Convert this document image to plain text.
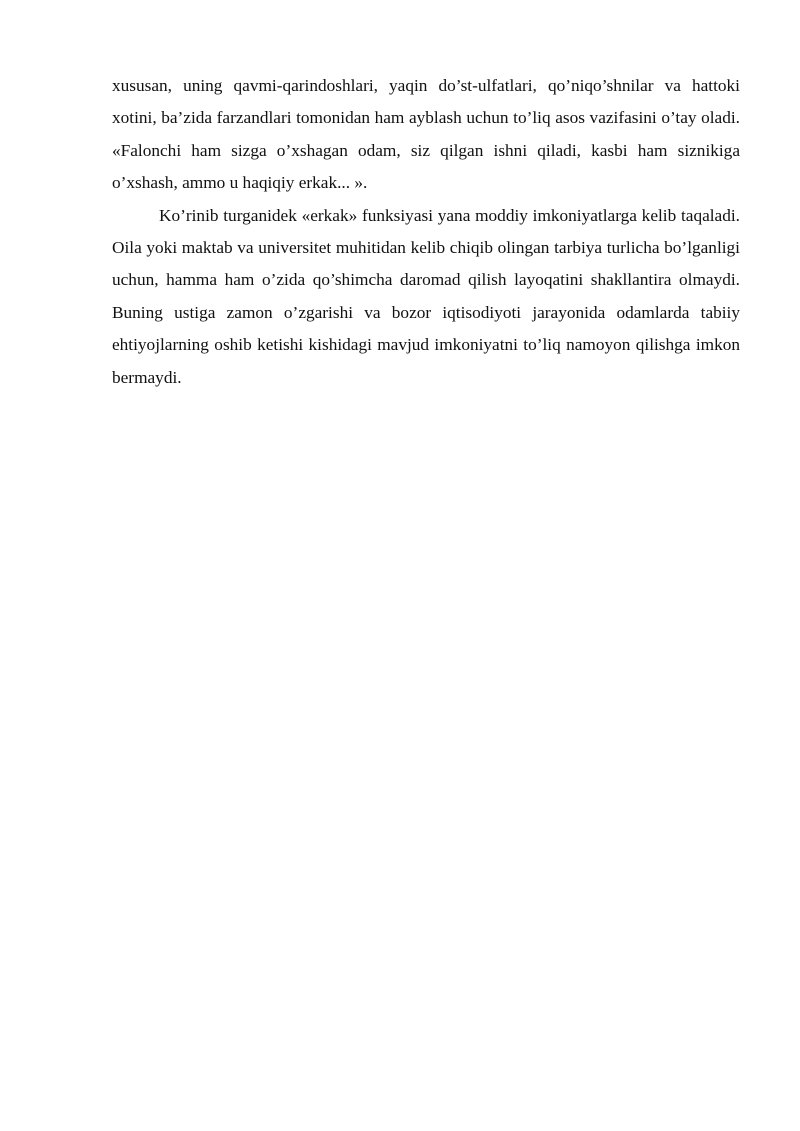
xususan, uning qavmi-qarindoshlari, yaqin do’st-ulfatlari, qo’niqo’shnilar va hattoki xotini, ba’zida farzandlari tomonidan ham ayblash uchun to’liq asos vazifasini o’tay oladi. «Falonchi ham sizga o’xshagan odam, siz qilgan ishni qiladi, kasbi ham siznikiga o’xshash, ammo u haqiqiy erkak... ».

Ko’rinib turganidek «erkak» funksiyasi yana moddiy imkoniyatlarga kelib taqaladi. Oila yoki maktab va universitet muhitidan kelib chiqib olingan tarbiya turlicha bo’lganligi uchun, hamma ham o’zida qo’shimcha daromad qilish layoqatini shakllantira olmaydi. Buning ustiga zamon o’zgarishi va bozor iqtisodiyoti jarayonida odamlarda tabiiy ehtiyojlarning oshib ketishi kishidagi mavjud imkoniyatni to’liq namoyon qilishga imkon bermaydi.
